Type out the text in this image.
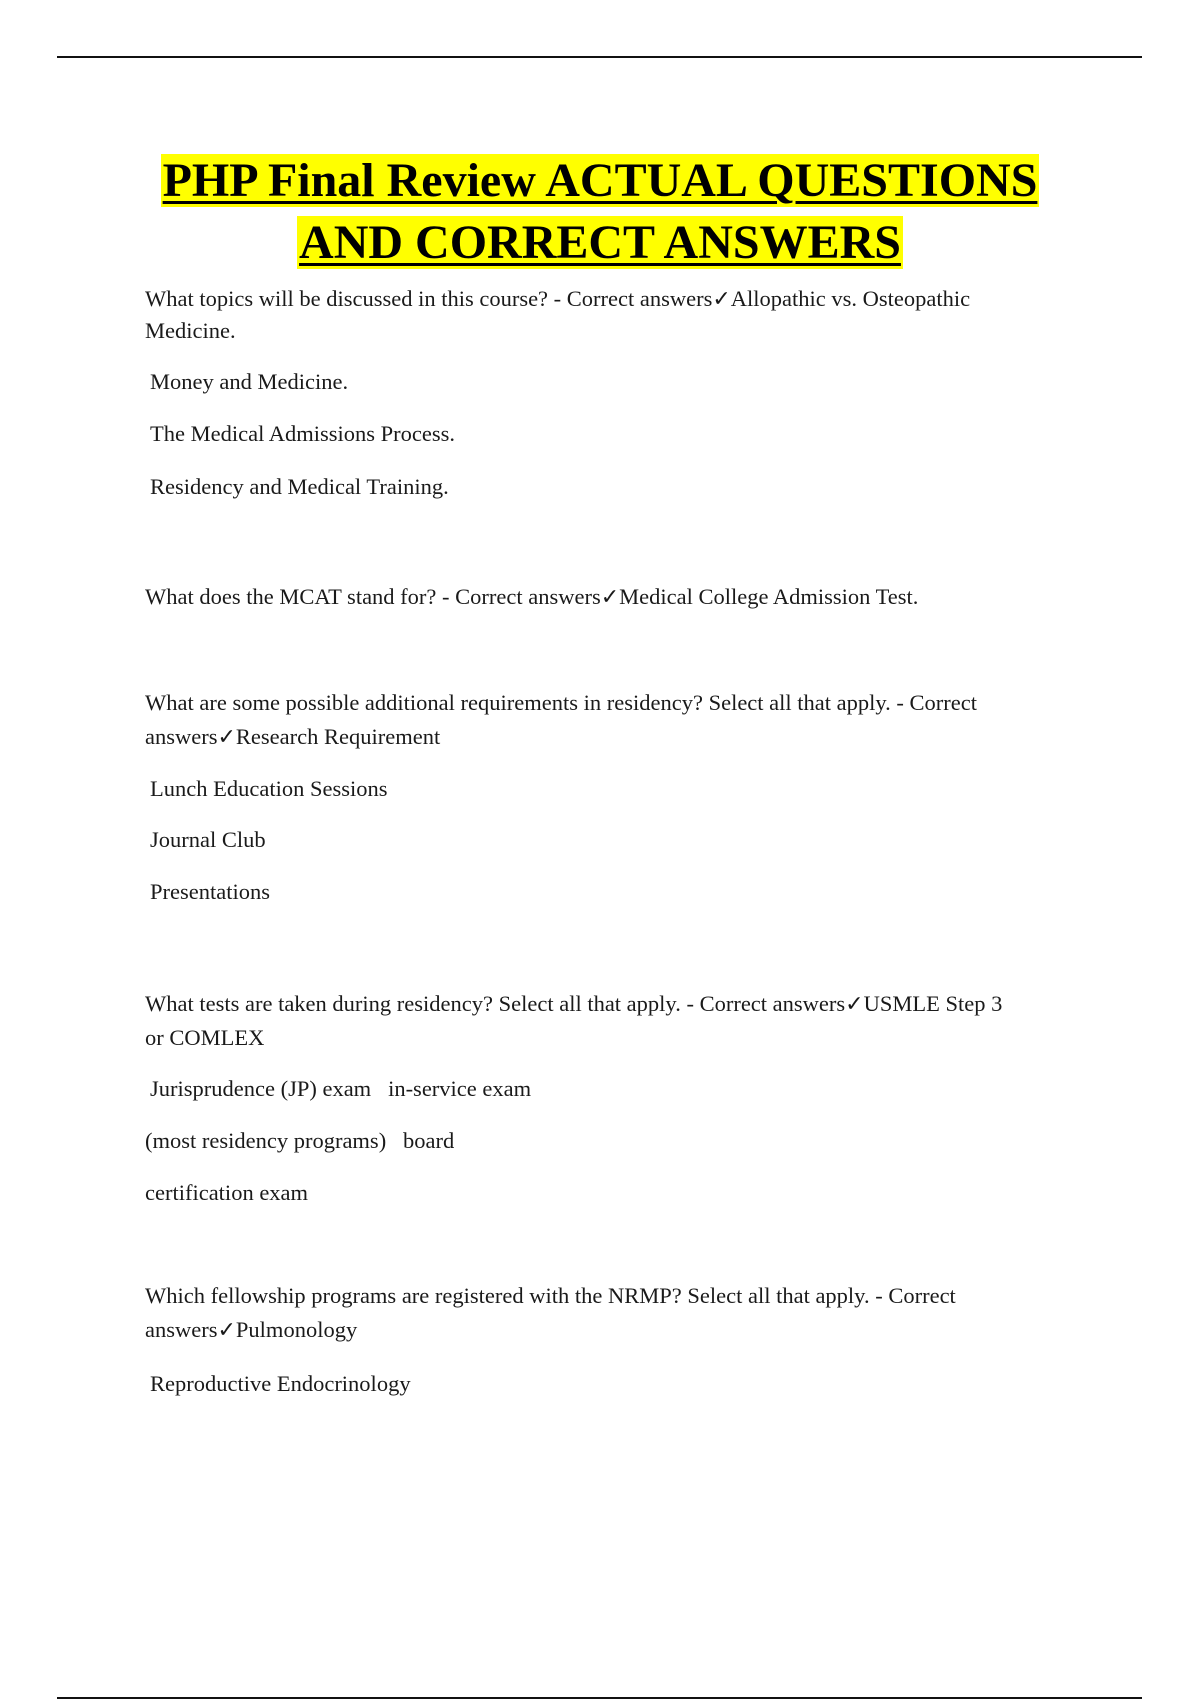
PHP Final Review ACTUAL QUESTIONS
AND CORRECT ANSWERS

What topics will be discussed in this course? - Correct answers✓Allopathic vs. Osteopathic

Medicine.

Money and Medicine.

The Medical Admissions Process.

Residency and Medical Training.

What does the MCAT stand for? - Correct answers✓Medical College Admission Test.

What are some possible additional requirements in residency? Select all that apply. - Correct

answers✓Research Requirement

Lunch Education Sessions

Journal Club

Presentations

What tests are taken during residency? Select all that apply. - Correct answers✓USMLE Step 3

or COMLEX

Jurisprudence (JP) exam   in-service exam

(most residency programs)   board

certification exam

Which fellowship programs are registered with the NRMP? Select all that apply. - Correct

answers✓Pulmonology

Reproductive Endocrinology
